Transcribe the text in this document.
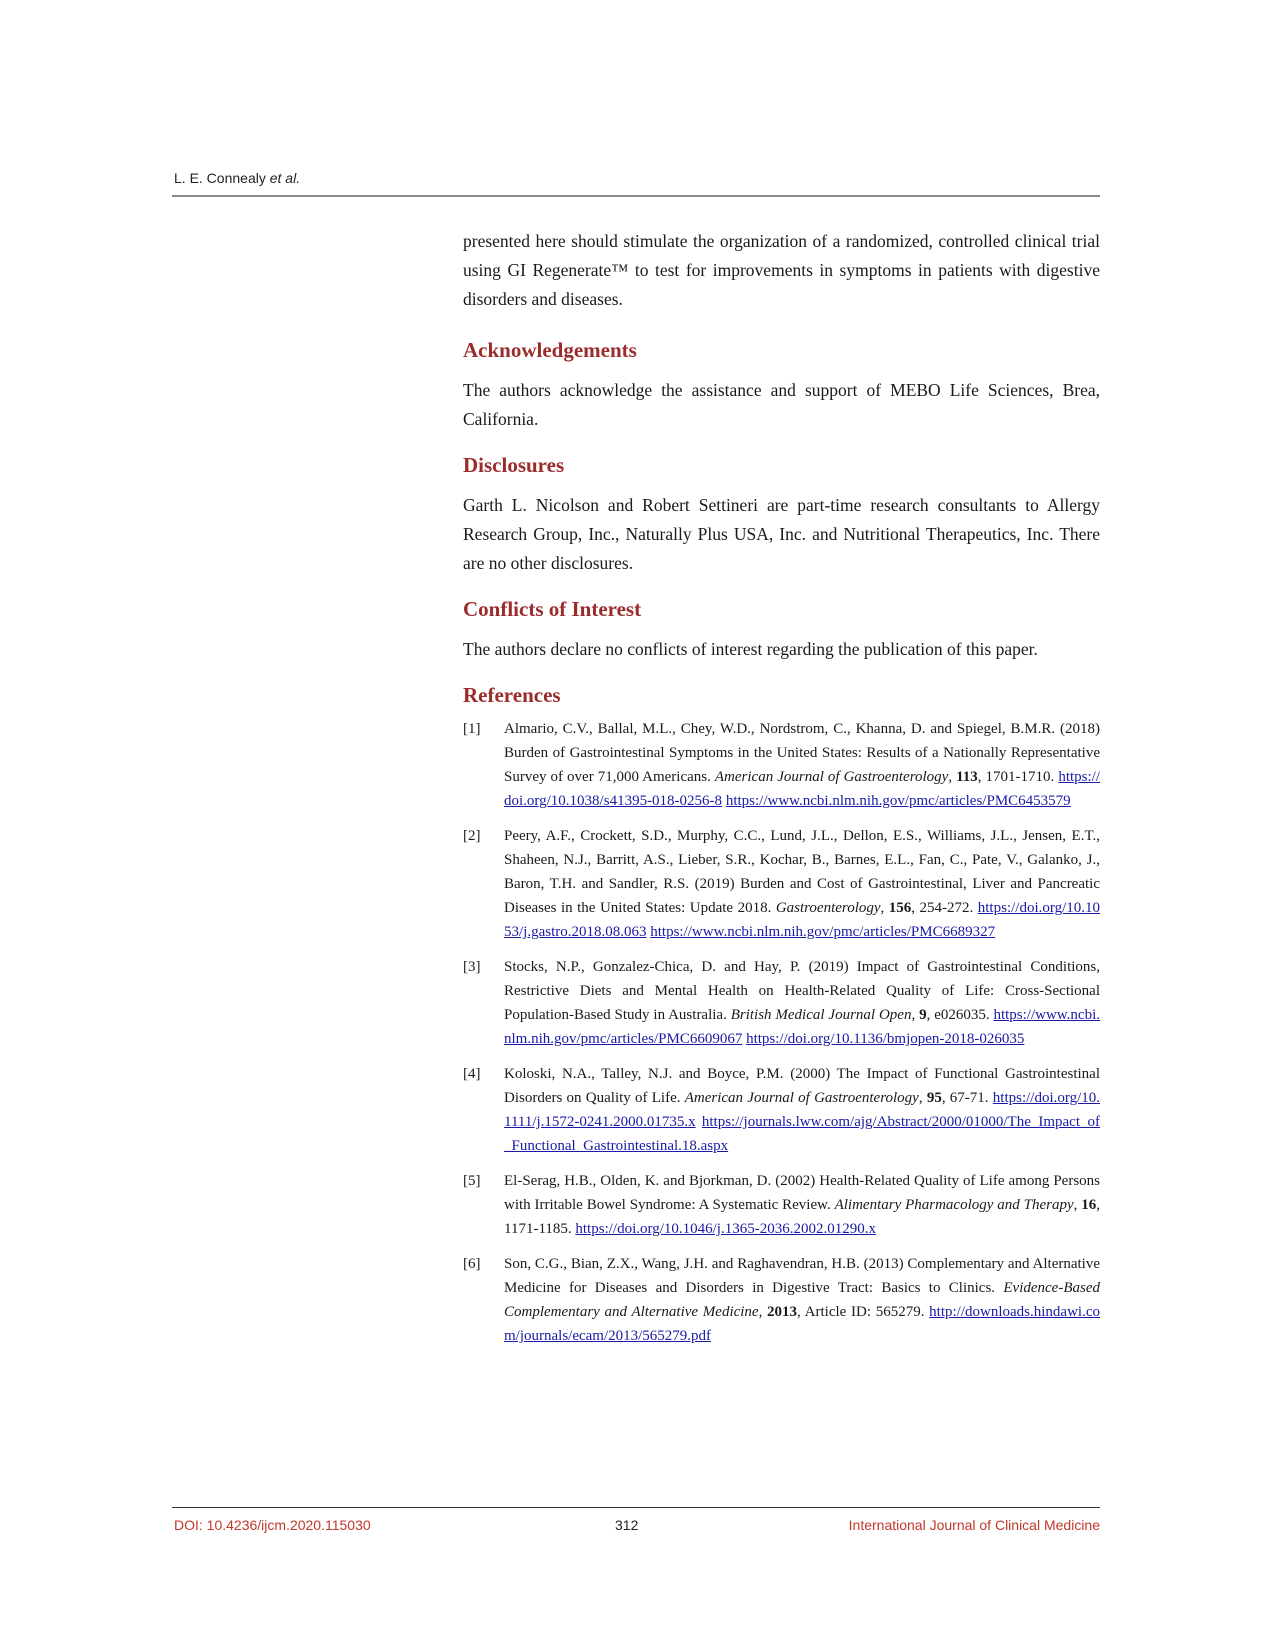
L. E. Connealy et al.

presented here should stimulate the organization of a randomized, controlled clinical trial using GI Regenerate™ to test for improvements in symptoms in patients with digestive disorders and diseases.

Acknowledgements

The authors acknowledge the assistance and support of MEBO Life Sciences, Brea, California.

Disclosures

Garth L. Nicolson and Robert Settineri are part-time research consultants to Allergy Research Group, Inc., Naturally Plus USA, Inc. and Nutritional Therapeutics, Inc. There are no other disclosures.

Conflicts of Interest

The authors declare no conflicts of interest regarding the publication of this paper.

References
[1] Almario, C.V., Ballal, M.L., Chey, W.D., Nordstrom, C., Khanna, D. and Spiegel, B.M.R. (2018) Burden of Gastrointestinal Symptoms in the United States: Results of a Nationally Representative Survey of over 71,000 Americans. American Journal of Gastroenterology, 113, 1701-1710. https://doi.org/10.1038/s41395-018-0256-8 https://www.ncbi.nlm.nih.gov/pmc/articles/PMC6453579
[2] Peery, A.F., Crockett, S.D., Murphy, C.C., Lund, J.L., Dellon, E.S., Williams, J.L., Jensen, E.T., Shaheen, N.J., Barritt, A.S., Lieber, S.R., Kochar, B., Barnes, E.L., Fan, C., Pate, V., Galanko, J., Baron, T.H. and Sandler, R.S. (2019) Burden and Cost of Gastrointestinal, Liver and Pancreatic Diseases in the United States: Update 2018. Gastroenterology, 156, 254-272. https://doi.org/10.1053/j.gastro.2018.08.063 https://www.ncbi.nlm.nih.gov/pmc/articles/PMC6689327
[3] Stocks, N.P., Gonzalez-Chica, D. and Hay, P. (2019) Impact of Gastrointestinal Conditions, Restrictive Diets and Mental Health on Health-Related Quality of Life: Cross-Sectional Population-Based Study in Australia. British Medical Journal Open, 9, e026035. https://www.ncbi.nlm.nih.gov/pmc/articles/PMC6609067 https://doi.org/10.1136/bmjopen-2018-026035
[4] Koloski, N.A., Talley, N.J. and Boyce, P.M. (2000) The Impact of Functional Gastrointestinal Disorders on Quality of Life. American Journal of Gastroenterology, 95, 67-71. https://doi.org/10.1111/j.1572-0241.2000.01735.x https://journals.lww.com/ajg/Abstract/2000/01000/The_Impact_of_Functional_Gastrointestinal.18.aspx
[5] El-Serag, H.B., Olden, K. and Bjorkman, D. (2002) Health-Related Quality of Life among Persons with Irritable Bowel Syndrome: A Systematic Review. Alimentary Pharmacology and Therapy, 16, 1171-1185. https://doi.org/10.1046/j.1365-2036.2002.01290.x
[6] Son, C.G., Bian, Z.X., Wang, J.H. and Raghavendran, H.B. (2013) Complementary and Alternative Medicine for Diseases and Disorders in Digestive Tract: Basics to Clinics. Evidence-Based Complementary and Alternative Medicine, 2013, Article ID: 565279. http://downloads.hindawi.com/journals/ecam/2013/565279.pdf
DOI: 10.4236/ijcm.2020.115030	312	International Journal of Clinical Medicine
